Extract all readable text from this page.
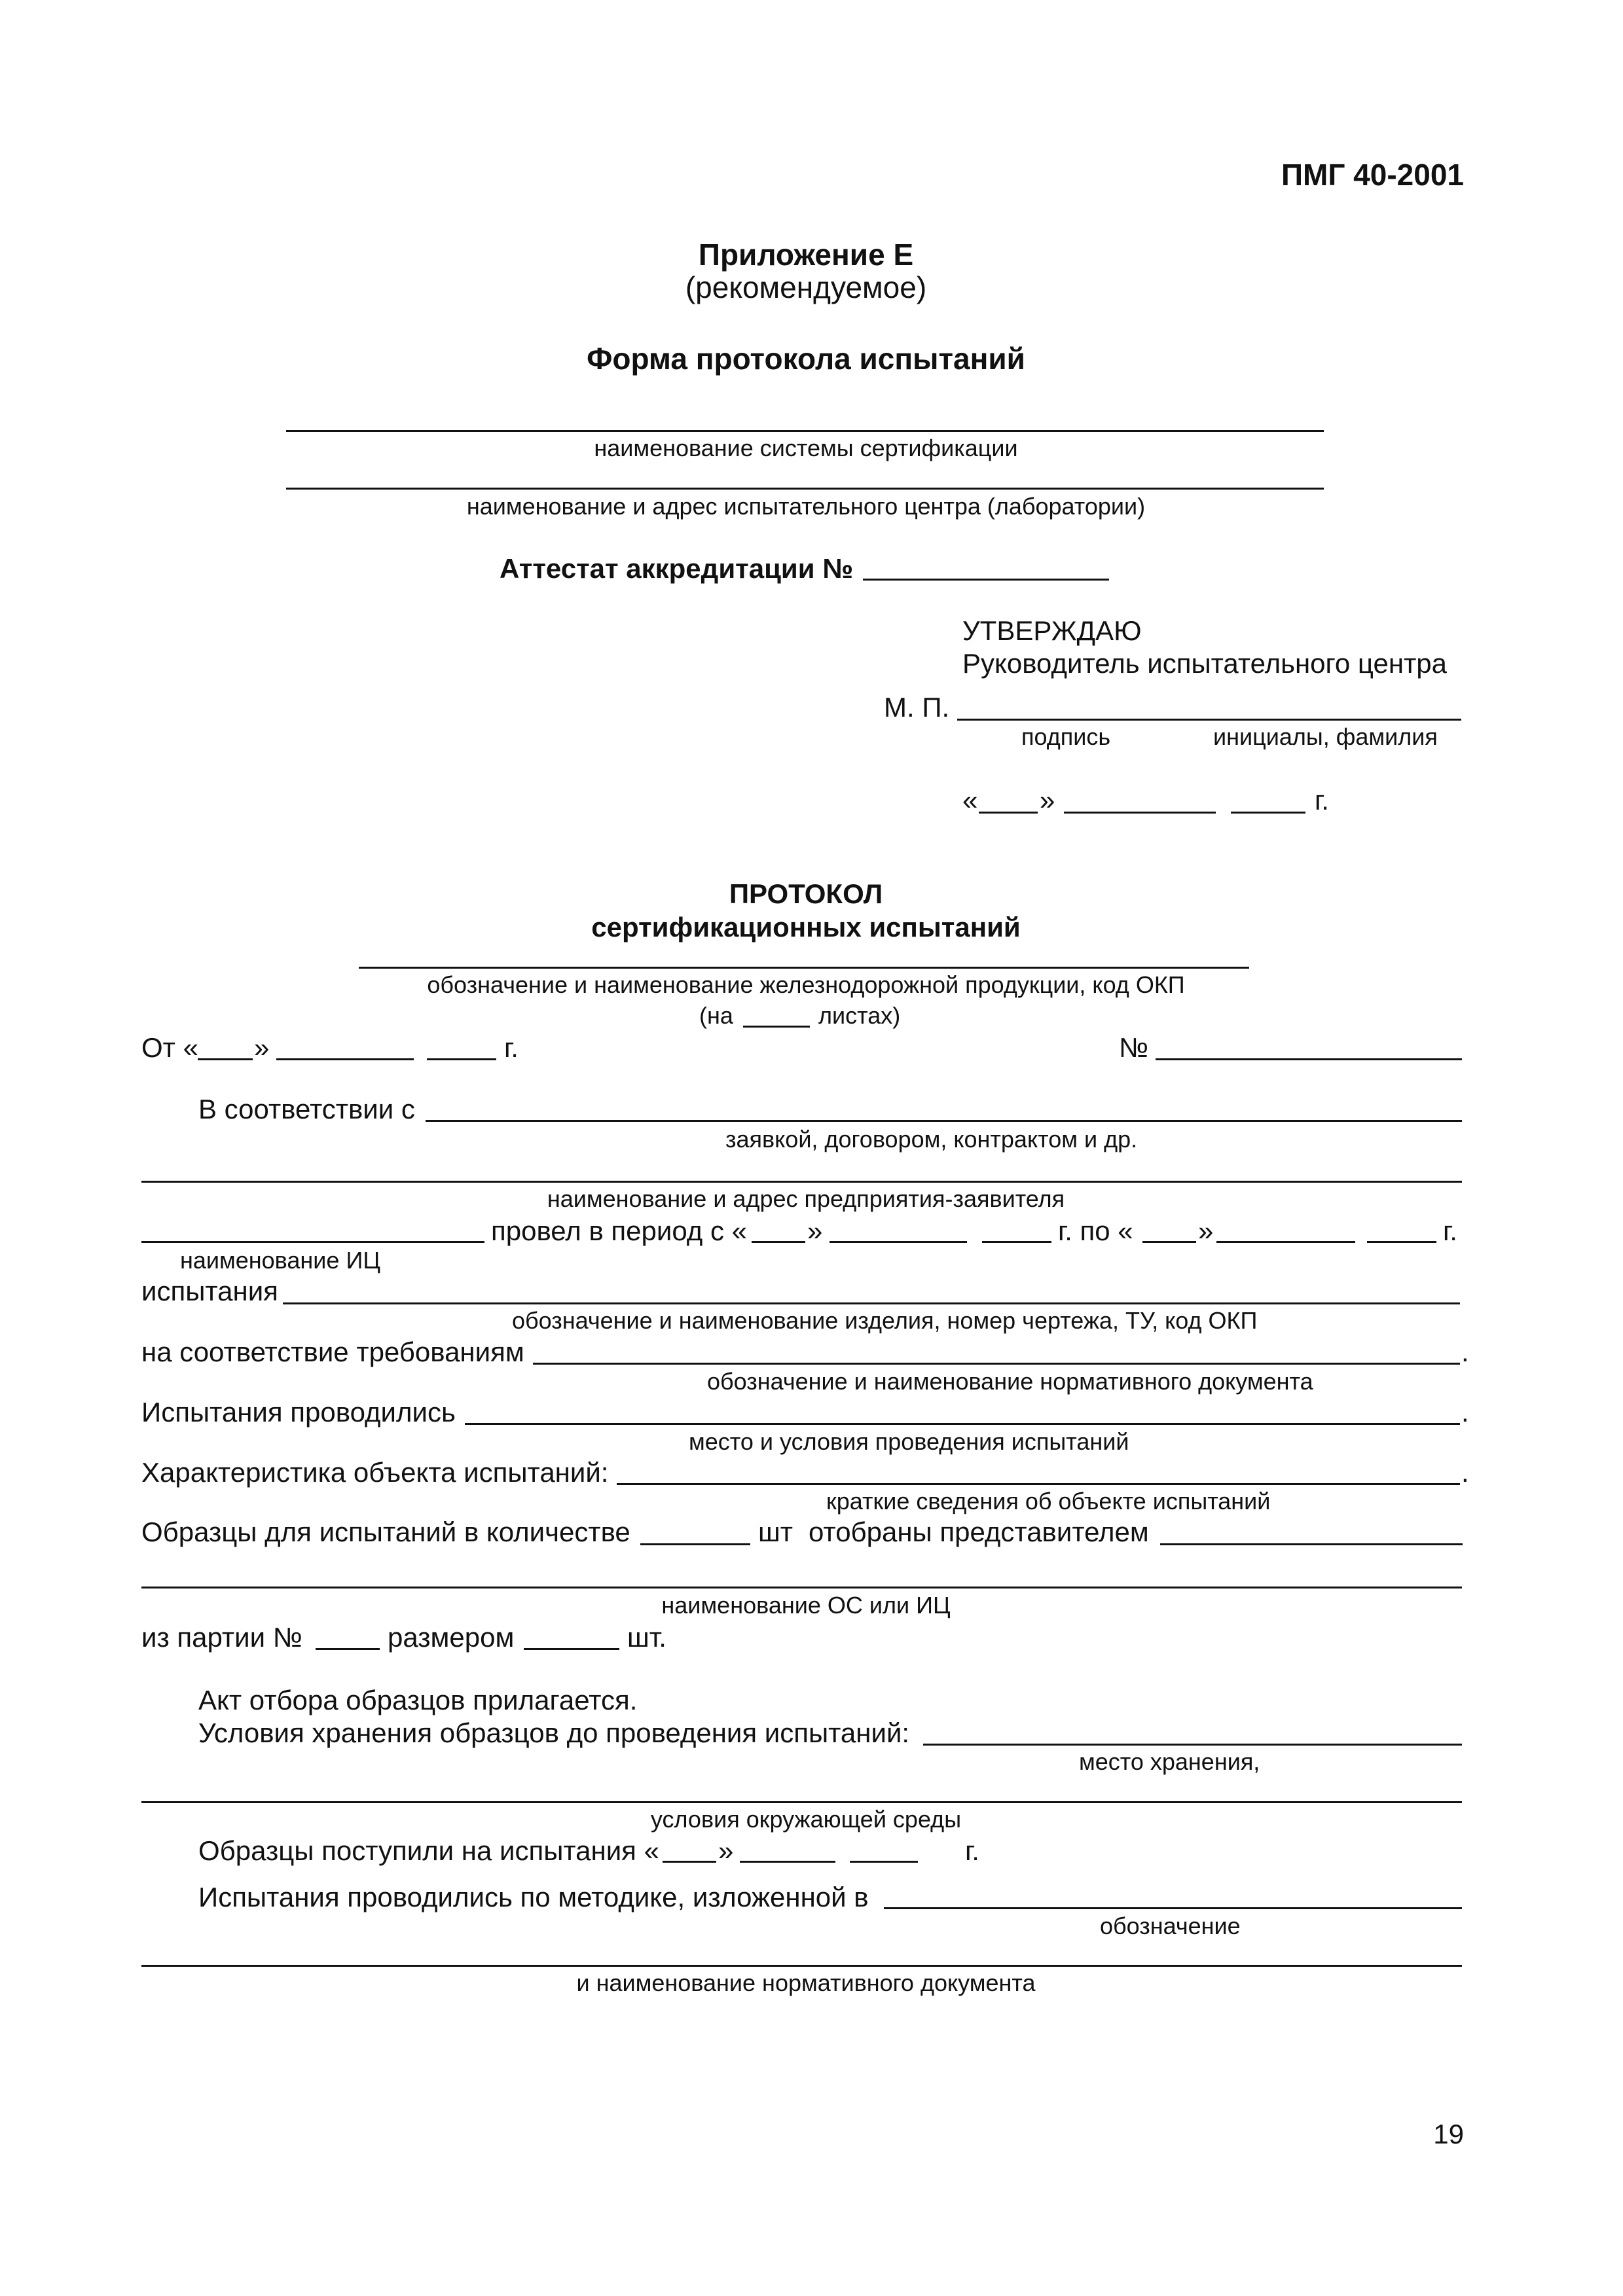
ПМГ 40-2001
Приложение Е
(рекомендуемое)
Форма протокола испытаний
наименование системы сертификации
наименование и адрес испытательного центра (лаборатории)
Аттестат аккредитации №
УТВЕРЖДАЮ
Руководитель испытательного центра
М. П.
подпись	инициалы, фамилия
« »	г.
ПРОТОКОЛ
сертификационных испытаний
обозначение и наименование железнодорожной продукции, код ОКП
(на	листах)
От « »	г.	№
В соответствии с
заявкой, договором, контрактом и др.
наименование и адрес предприятия-заявителя
провел в период с « »	г. по « »	г.
наименование ИЦ
испытания
обозначение и наименование изделия, номер чертежа, ТУ, код ОКП
на соответствие требованиям	.
обозначение и наименование нормативного документа
Испытания проводились	.
место и условия проведения испытаний
Характеристика объекта испытаний:	.
краткие сведения об объекте испытаний
Образцы для испытаний в количестве	шт отобраны представителем
наименование ОС или ИЦ
из партии №	размером	шт.
Акт отбора образцов прилагается.
Условия хранения образцов до проведения испытаний:
место хранения,
условия окружающей среды
Образцы поступили на испытания « »	г.
Испытания проводились по методике, изложенной в
обозначение
и наименование нормативного документа
19
